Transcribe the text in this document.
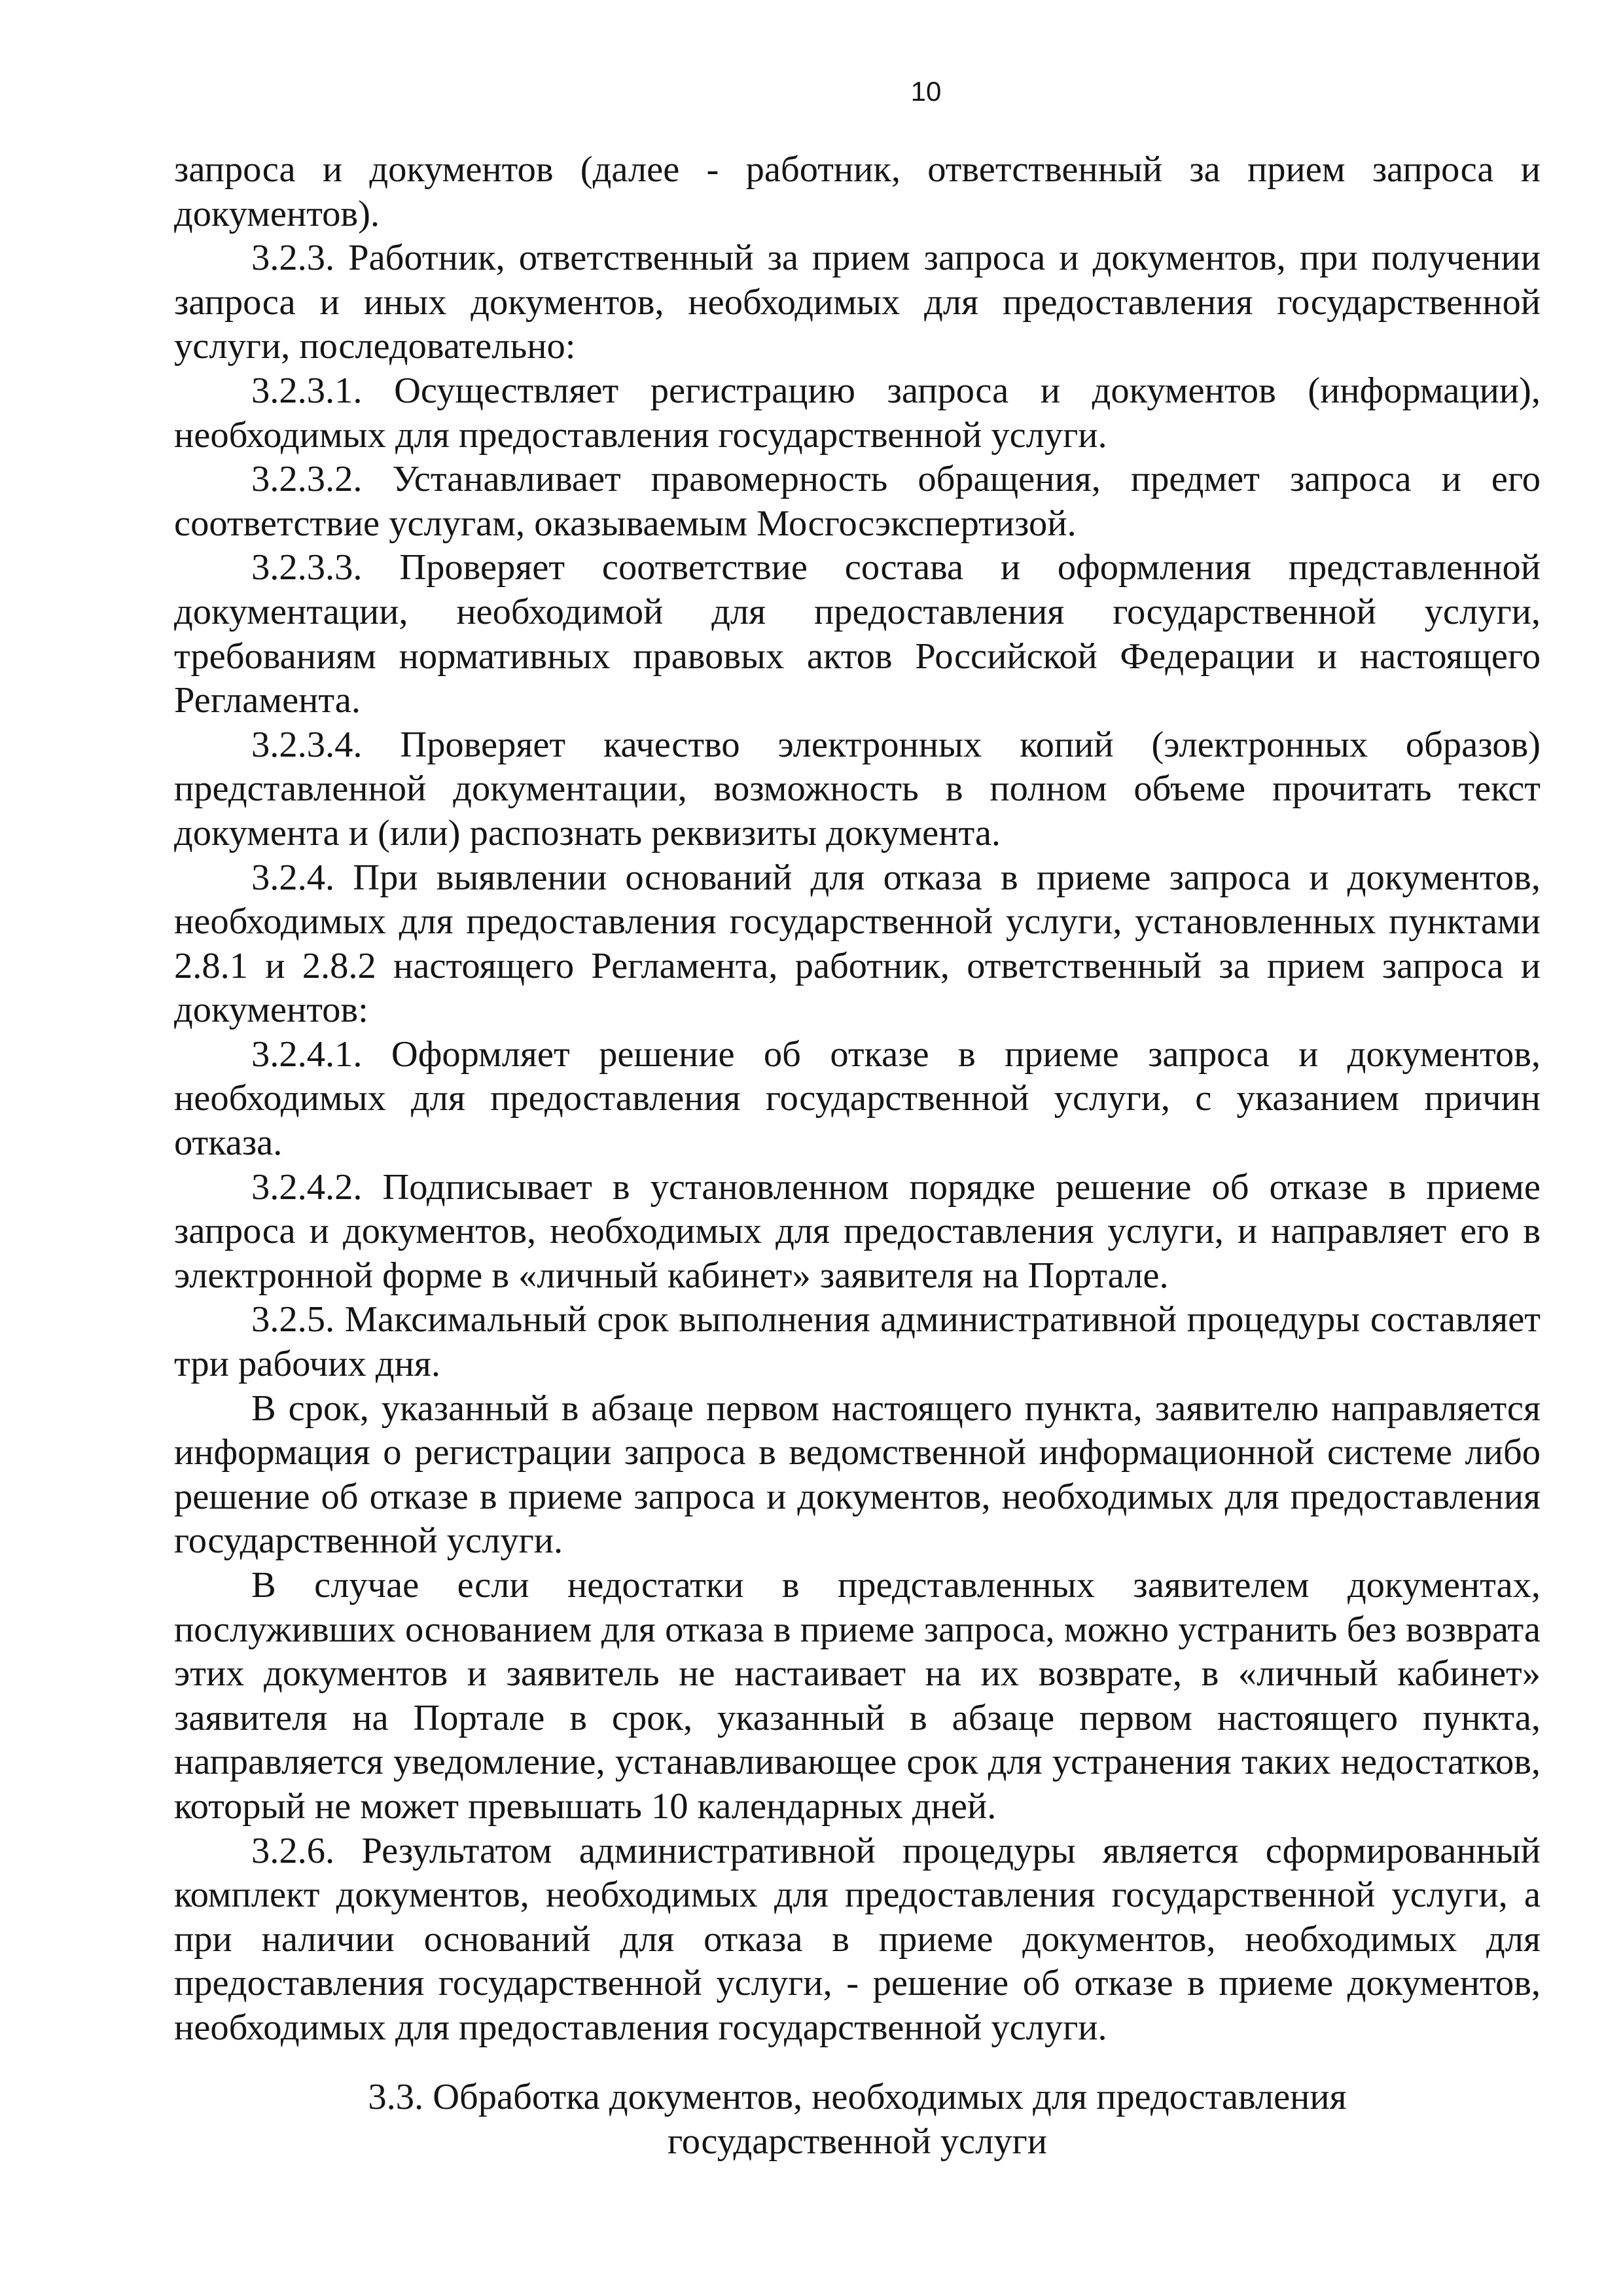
10

запроса и документов (далее - работник, ответственный за прием запроса и документов).

3.2.3. Работник, ответственный за прием запроса и документов, при получении запроса и иных документов, необходимых для предоставления государственной услуги, последовательно:

3.2.3.1. Осуществляет регистрацию запроса и документов (информации), необходимых для предоставления государственной услуги.

3.2.3.2. Устанавливает правомерность обращения, предмет запроса и его соответствие услугам, оказываемым Мосгосэкспертизой.

3.2.3.3. Проверяет соответствие состава и оформления представленной документации, необходимой для предоставления государственной услуги, требованиям нормативных правовых актов Российской Федерации и настоящего Регламента.

3.2.3.4. Проверяет качество электронных копий (электронных образов) представленной документации, возможность в полном объеме прочитать текст документа и (или) распознать реквизиты документа.

3.2.4. При выявлении оснований для отказа в приеме запроса и документов, необходимых для предоставления государственной услуги, установленных пунктами 2.8.1 и 2.8.2 настоящего Регламента, работник, ответственный за прием запроса и документов:

3.2.4.1. Оформляет решение об отказе в приеме запроса и документов, необходимых для предоставления государственной услуги, с указанием причин отказа.

3.2.4.2. Подписывает в установленном порядке решение об отказе в приеме запроса и документов, необходимых для предоставления услуги, и направляет его в электронной форме в «личный кабинет» заявителя на Портале.

3.2.5. Максимальный срок выполнения административной процедуры составляет три рабочих дня.

В срок, указанный в абзаце первом настоящего пункта, заявителю направляется информация о регистрации запроса в ведомственной информационной системе либо решение об отказе в приеме запроса и документов, необходимых для предоставления государственной услуги.

В случае если недостатки в представленных заявителем документах, послуживших основанием для отказа в приеме запроса, можно устранить без возврата этих документов и заявитель не настаивает на их возврате, в «личный кабинет» заявителя на Портале в срок, указанный в абзаце первом настоящего пункта, направляется уведомление, устанавливающее срок для устранения таких недостатков, который не может превышать 10 календарных дней.

3.2.6. Результатом административной процедуры является сформированный комплект документов, необходимых для предоставления государственной услуги, а при наличии оснований для отказа в приеме документов, необходимых для предоставления государственной услуги, - решение об отказе в приеме документов, необходимых для предоставления государственной услуги.

3.3. Обработка документов, необходимых для предоставления
государственной услуги
